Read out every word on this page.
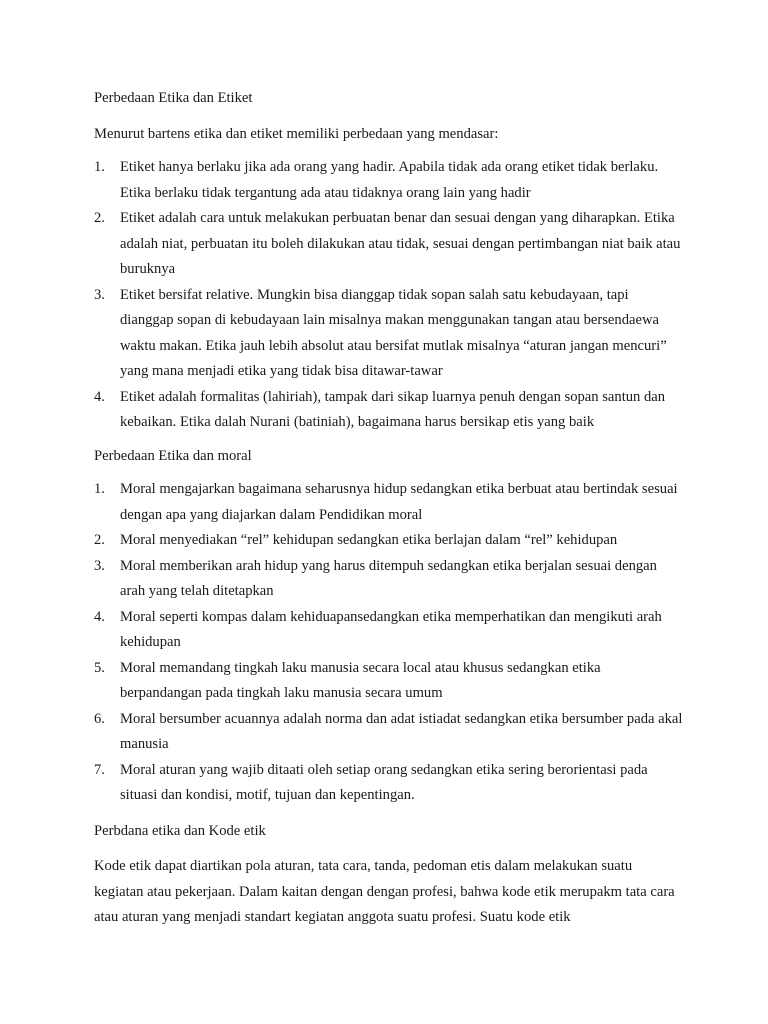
Perbedaan Etika dan Etiket

Menurut bartens etika dan etiket memiliki perbedaan yang mendasar:

1. Etiket hanya berlaku jika ada orang yang hadir. Apabila tidak ada orang etiket tidak berlaku. Etika berlaku tidak tergantung ada atau tidaknya orang lain yang hadir
2. Etiket adalah cara untuk melakukan perbuatan benar dan sesuai dengan yang diharapkan. Etika adalah niat, perbuatan itu boleh dilakukan atau tidak, sesuai dengan pertimbangan niat baik atau buruknya
3. Etiket bersifat relative. Mungkin bisa dianggap tidak sopan salah satu kebudayaan, tapi dianggap sopan di kebudayaan lain misalnya makan menggunakan tangan atau bersendaewa waktu makan. Etika jauh lebih absolut atau bersifat mutlak misalnya “aturan jangan mencuri” yang mana menjadi etika yang tidak bisa ditawar-tawar
4. Etiket adalah formalitas (lahiriah), tampak dari sikap luarnya penuh dengan sopan santun dan kebaikan. Etika dalah Nurani (batiniah), bagaimana harus bersikap etis yang baik

Perbedaan Etika dan moral

1. Moral mengajarkan bagaimana seharusnya hidup sedangkan etika berbuat atau bertindak sesuai dengan apa yang diajarkan dalam Pendidikan moral
2. Moral menyediakan “rel” kehidupan sedangkan etika berlajan dalam “rel” kehidupan
3. Moral memberikan arah hidup yang harus ditempuh sedangkan etika berjalan sesuai dengan arah yang telah ditetapkan
4. Moral seperti kompas dalam kehiduapansedangkan etika memperhatikan dan mengikuti arah kehidupan
5. Moral memandang tingkah laku manusia secara local atau khusus sedangkan etika berpandangan pada tingkah laku manusia secara umum
6. Moral bersumber acuannya adalah norma dan adat istiadat sedangkan etika bersumber pada akal manusia
7. Moral aturan yang wajib ditaati oleh setiap orang sedangkan etika sering berorientasi pada situasi dan kondisi, motif, tujuan dan kepentingan.

Perbdana etika dan Kode etik

Kode etik dapat diartikan pola aturan, tata cara, tanda, pedoman etis dalam melakukan suatu kegiatan atau pekerjaan. Dalam kaitan dengan dengan profesi, bahwa kode etik merupakm tata cara atau aturan yang menjadi standart kegiatan anggota suatu profesi. Suatu kode etik
